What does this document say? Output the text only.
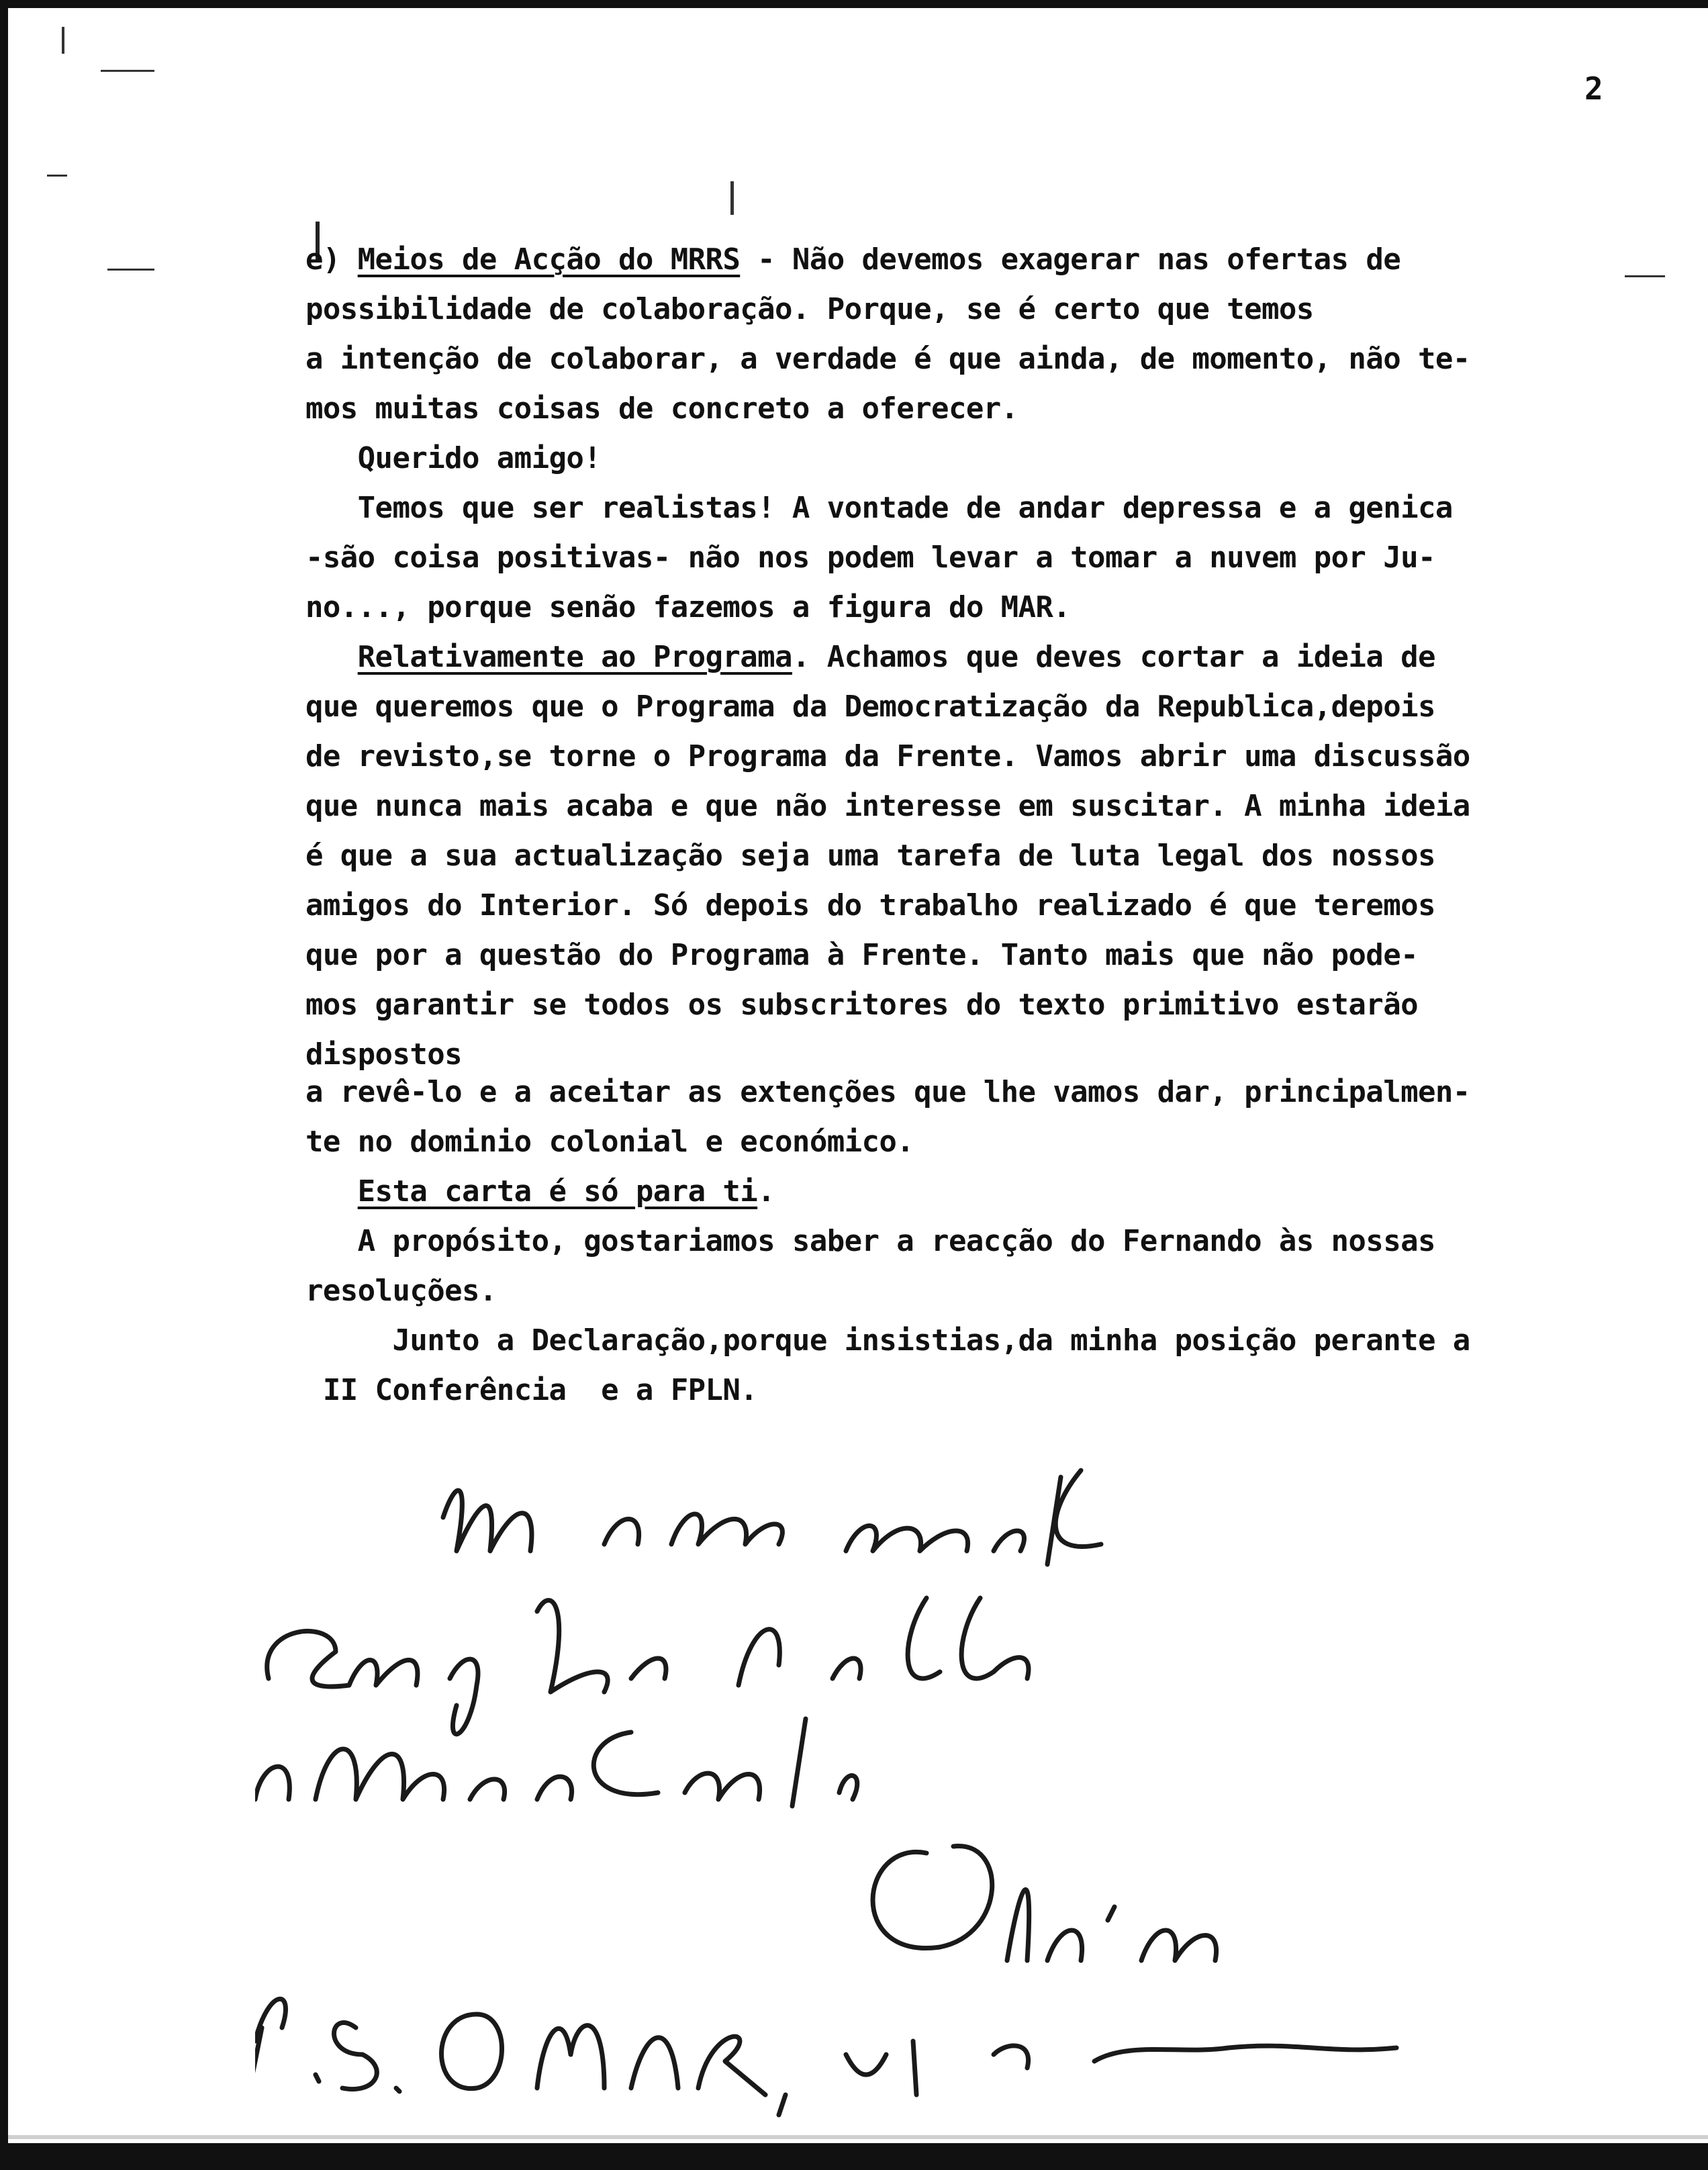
2
e) Meios de Acção do MRRS - Não devemos exagerar nas ofertas de
possibilidade de colaboração. Porque, se é certo que temos
a intenção de colaborar, a verdade é que ainda, de momento, não te-
mos muitas coisas de concreto a oferecer.
Querido amigo!
Temos que ser realistas! A vontade de andar depressa e a genica
-são coisa positivas- não nos podem levar a tomar a nuvem por Ju-
no..., porque senão fazemos a figura do MAR.
Relativamente ao Programa. Achamos que deves cortar a ideia de
que queremos que o Programa da Democratização da Republica,depois
de revisto,se torne o Programa da Frente. Vamos abrir uma discussão
que nunca mais acaba e que não interesse em suscitar. A minha ideia
é que a sua actualização seja uma tarefa de luta legal dos nossos
amigos do Interior. Só depois do trabalho realizado é que teremos
que por a questão do Programa à Frente. Tanto mais que não pode-
mos garantir se todos os subscritores do texto primitivo estarão
dispostos
a revê-lo e a aceitar as extenções que lhe vamos dar, principalmen-
te no dominio colonial e económico.
Esta carta é só para ti.
A propósito, gostariamos saber a reacção do Fernando às nossas
resoluções.
Junto a Declaração,porque insistias,da minha posição perante a
II Conferência  e a FPLN.
